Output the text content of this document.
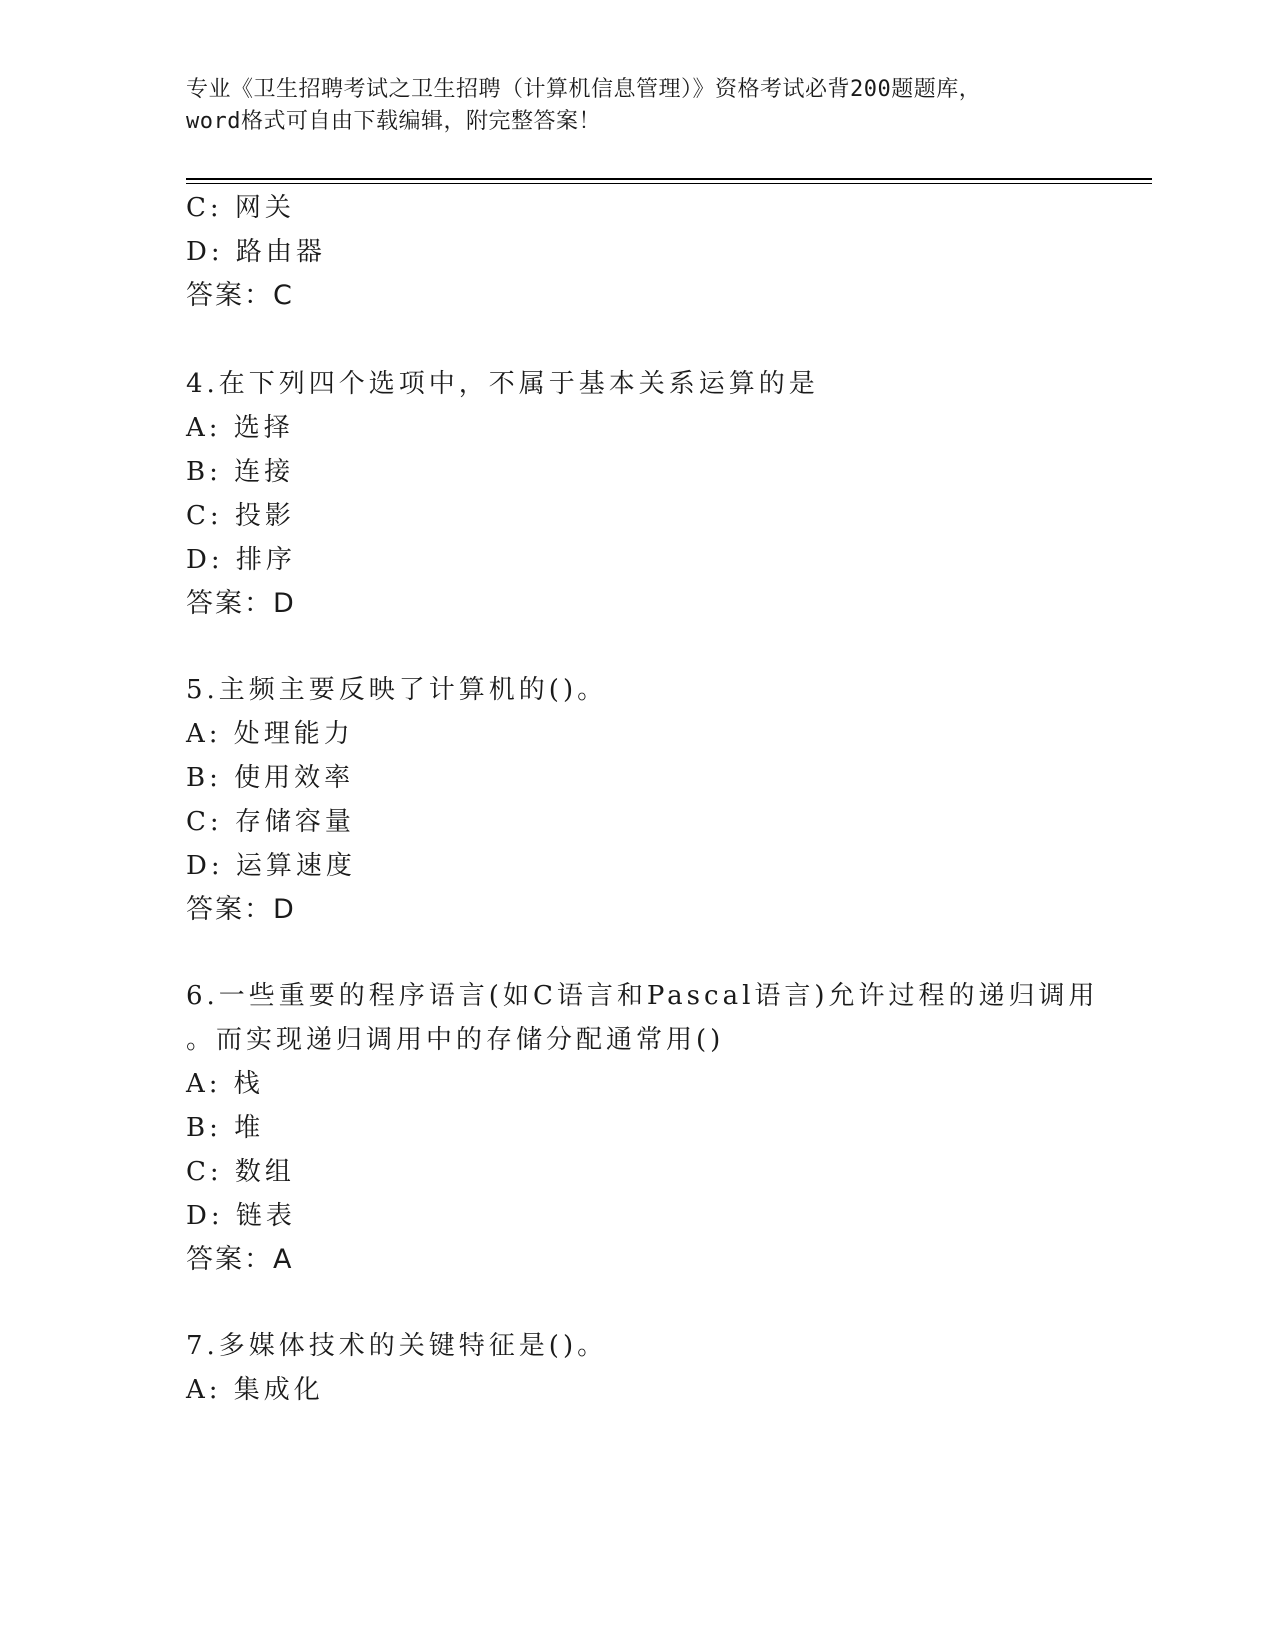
专业《卫生招聘考试之卫生招聘（计算机信息管理）》资格考试必背200题题库，
word格式可自由下载编辑，附完整答案！
C: 网关
D: 路由器
答案：C
4.在下列四个选项中，不属于基本关系运算的是
A: 选择
B: 连接
C: 投影
D: 排序
答案：D
5.主频主要反映了计算机的()。
A: 处理能力
B: 使用效率
C: 存储容量
D: 运算速度
答案：D
6.一些重要的程序语言(如C语言和Pascal语言)允许过程的递归调用
。而实现递归调用中的存储分配通常用()
A: 栈
B: 堆
C: 数组
D: 链表
答案：A
7.多媒体技术的关键特征是()。
A: 集成化
